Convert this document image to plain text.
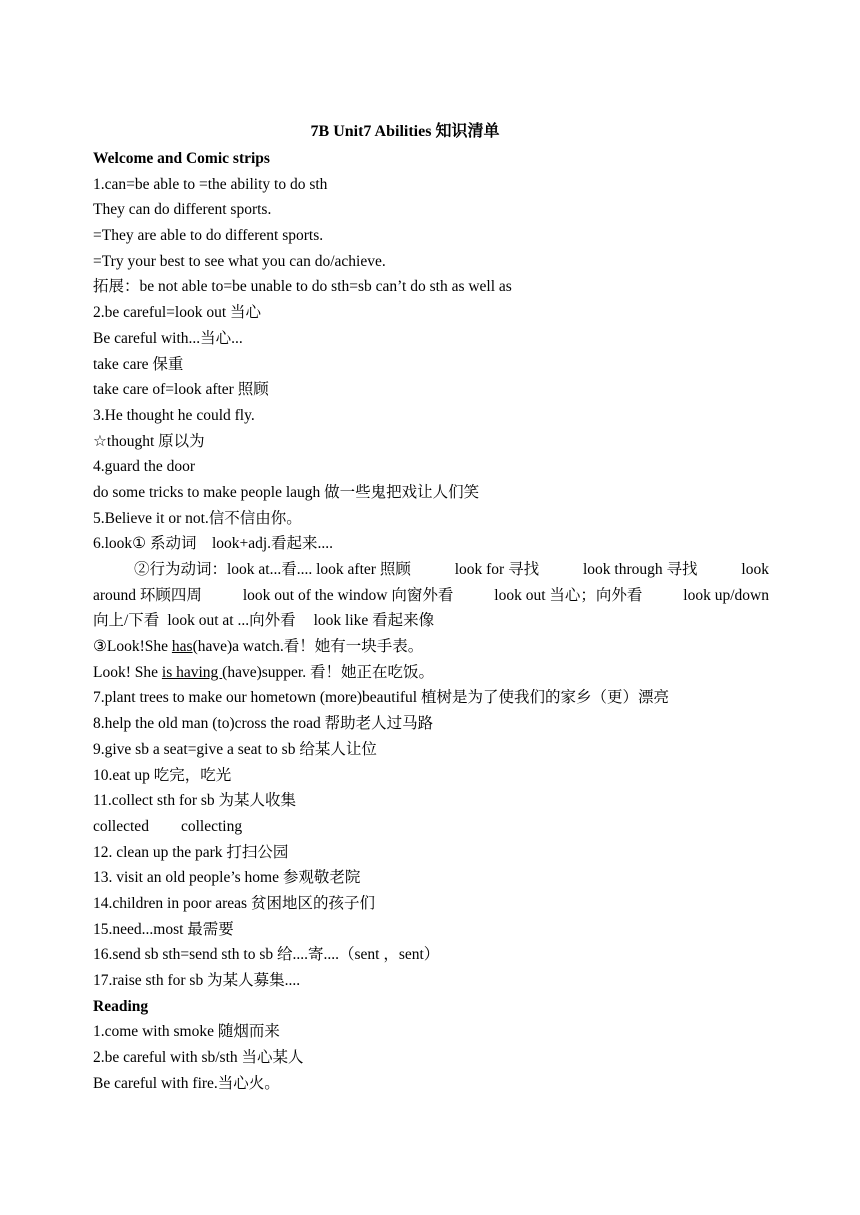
7B Unit7 Abilities 知识清单
Welcome and Comic strips
1.can=be able to =the ability to do sth
They can do different sports.
=They are able to do different sports.
=Try your best to see what you can do/achieve.
拓展：be not able to=be unable to do sth=sb can’t do sth as well as
2.be careful=look out 当心
Be careful with...当心...
take care 保重
take care of=look after 照顾
3.He thought he could fly.
☆thought 原以为
4.guard the door
do some tricks to make people laugh 做一些鬼把戏让人们笑
5.Believe it or not.信不信由你。
6.look① 系动词　look+adj.看起来....
②行为动词：look at...看.... look after 照顾	look for 寻找	look through 寻找	look
around 环顾四周	look out of the window 向窗外看	look out 当心；向外看	look up/down
向上/下看 look out at ...向外看 look like 看起来像
③Look!She has(have)a watch.看！她有一块手表。
Look! She is having (have)supper. 看！她正在吃饭。
7.plant trees to make our hometown (more)beautiful 植树是为了使我们的家乡（更）漂亮
8.help the old man (to)cross the road 帮助老人过马路
9.give sb a seat=give a seat to sb 给某人让位
10.eat up 吃完，吃光
11.collect sth for sb 为某人收集
collected collecting
12. clean up the park 打扫公园
13. visit an old people’s home 参观敬老院
14.children in poor areas 贫困地区的孩子们
15.need...most 最需要
16.send sb sth=send sth to sb 给....寄....（sent ，sent）
17.raise sth for sb 为某人募集....
Reading
1.come with smoke 随烟而来
2.be careful with sb/sth 当心某人
Be careful with fire.当心火。
